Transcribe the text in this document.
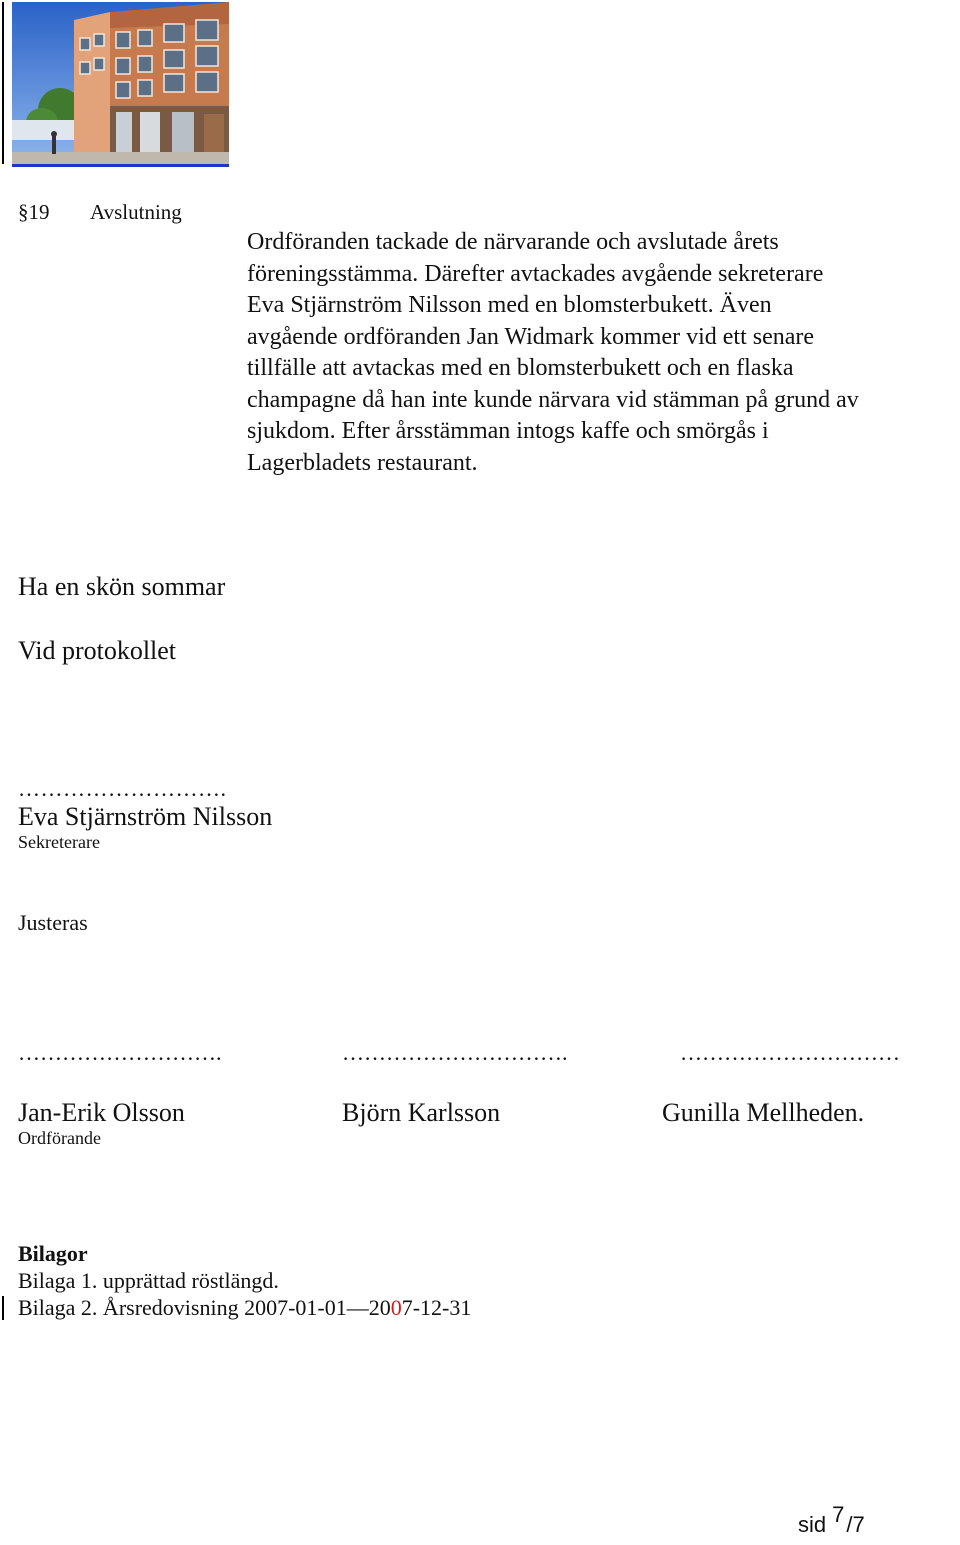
§19 Avslutning
Ordföranden tackade de närvarande och avslutade årets
föreningsstämma. Därefter avtackades avgående sekreterare
Eva Stjärnström Nilsson med en blomsterbukett. Även
avgående ordföranden Jan Widmark kommer vid ett senare
tillfälle att avtackas med en blomsterbukett och en flaska
champagne då han inte kunde närvara vid stämman på grund av
sjukdom. Efter årsstämman intogs kaffe och smörgås i
Lagerbladets restaurant.
Ha en skön sommar
Vid protokollet
……………………….
Eva Stjärnström Nilsson
Sekreterare
Justeras
……………………….	………………………….	…………………………
Jan-Erik Olsson	Björn Karlsson	Gunilla Mellheden.
Ordförande
Bilagor
Bilaga 1. upprättad röstlängd.
Bilaga 2. Årsredovisning 2007-01-01—2007-12-31
sid 7/7
